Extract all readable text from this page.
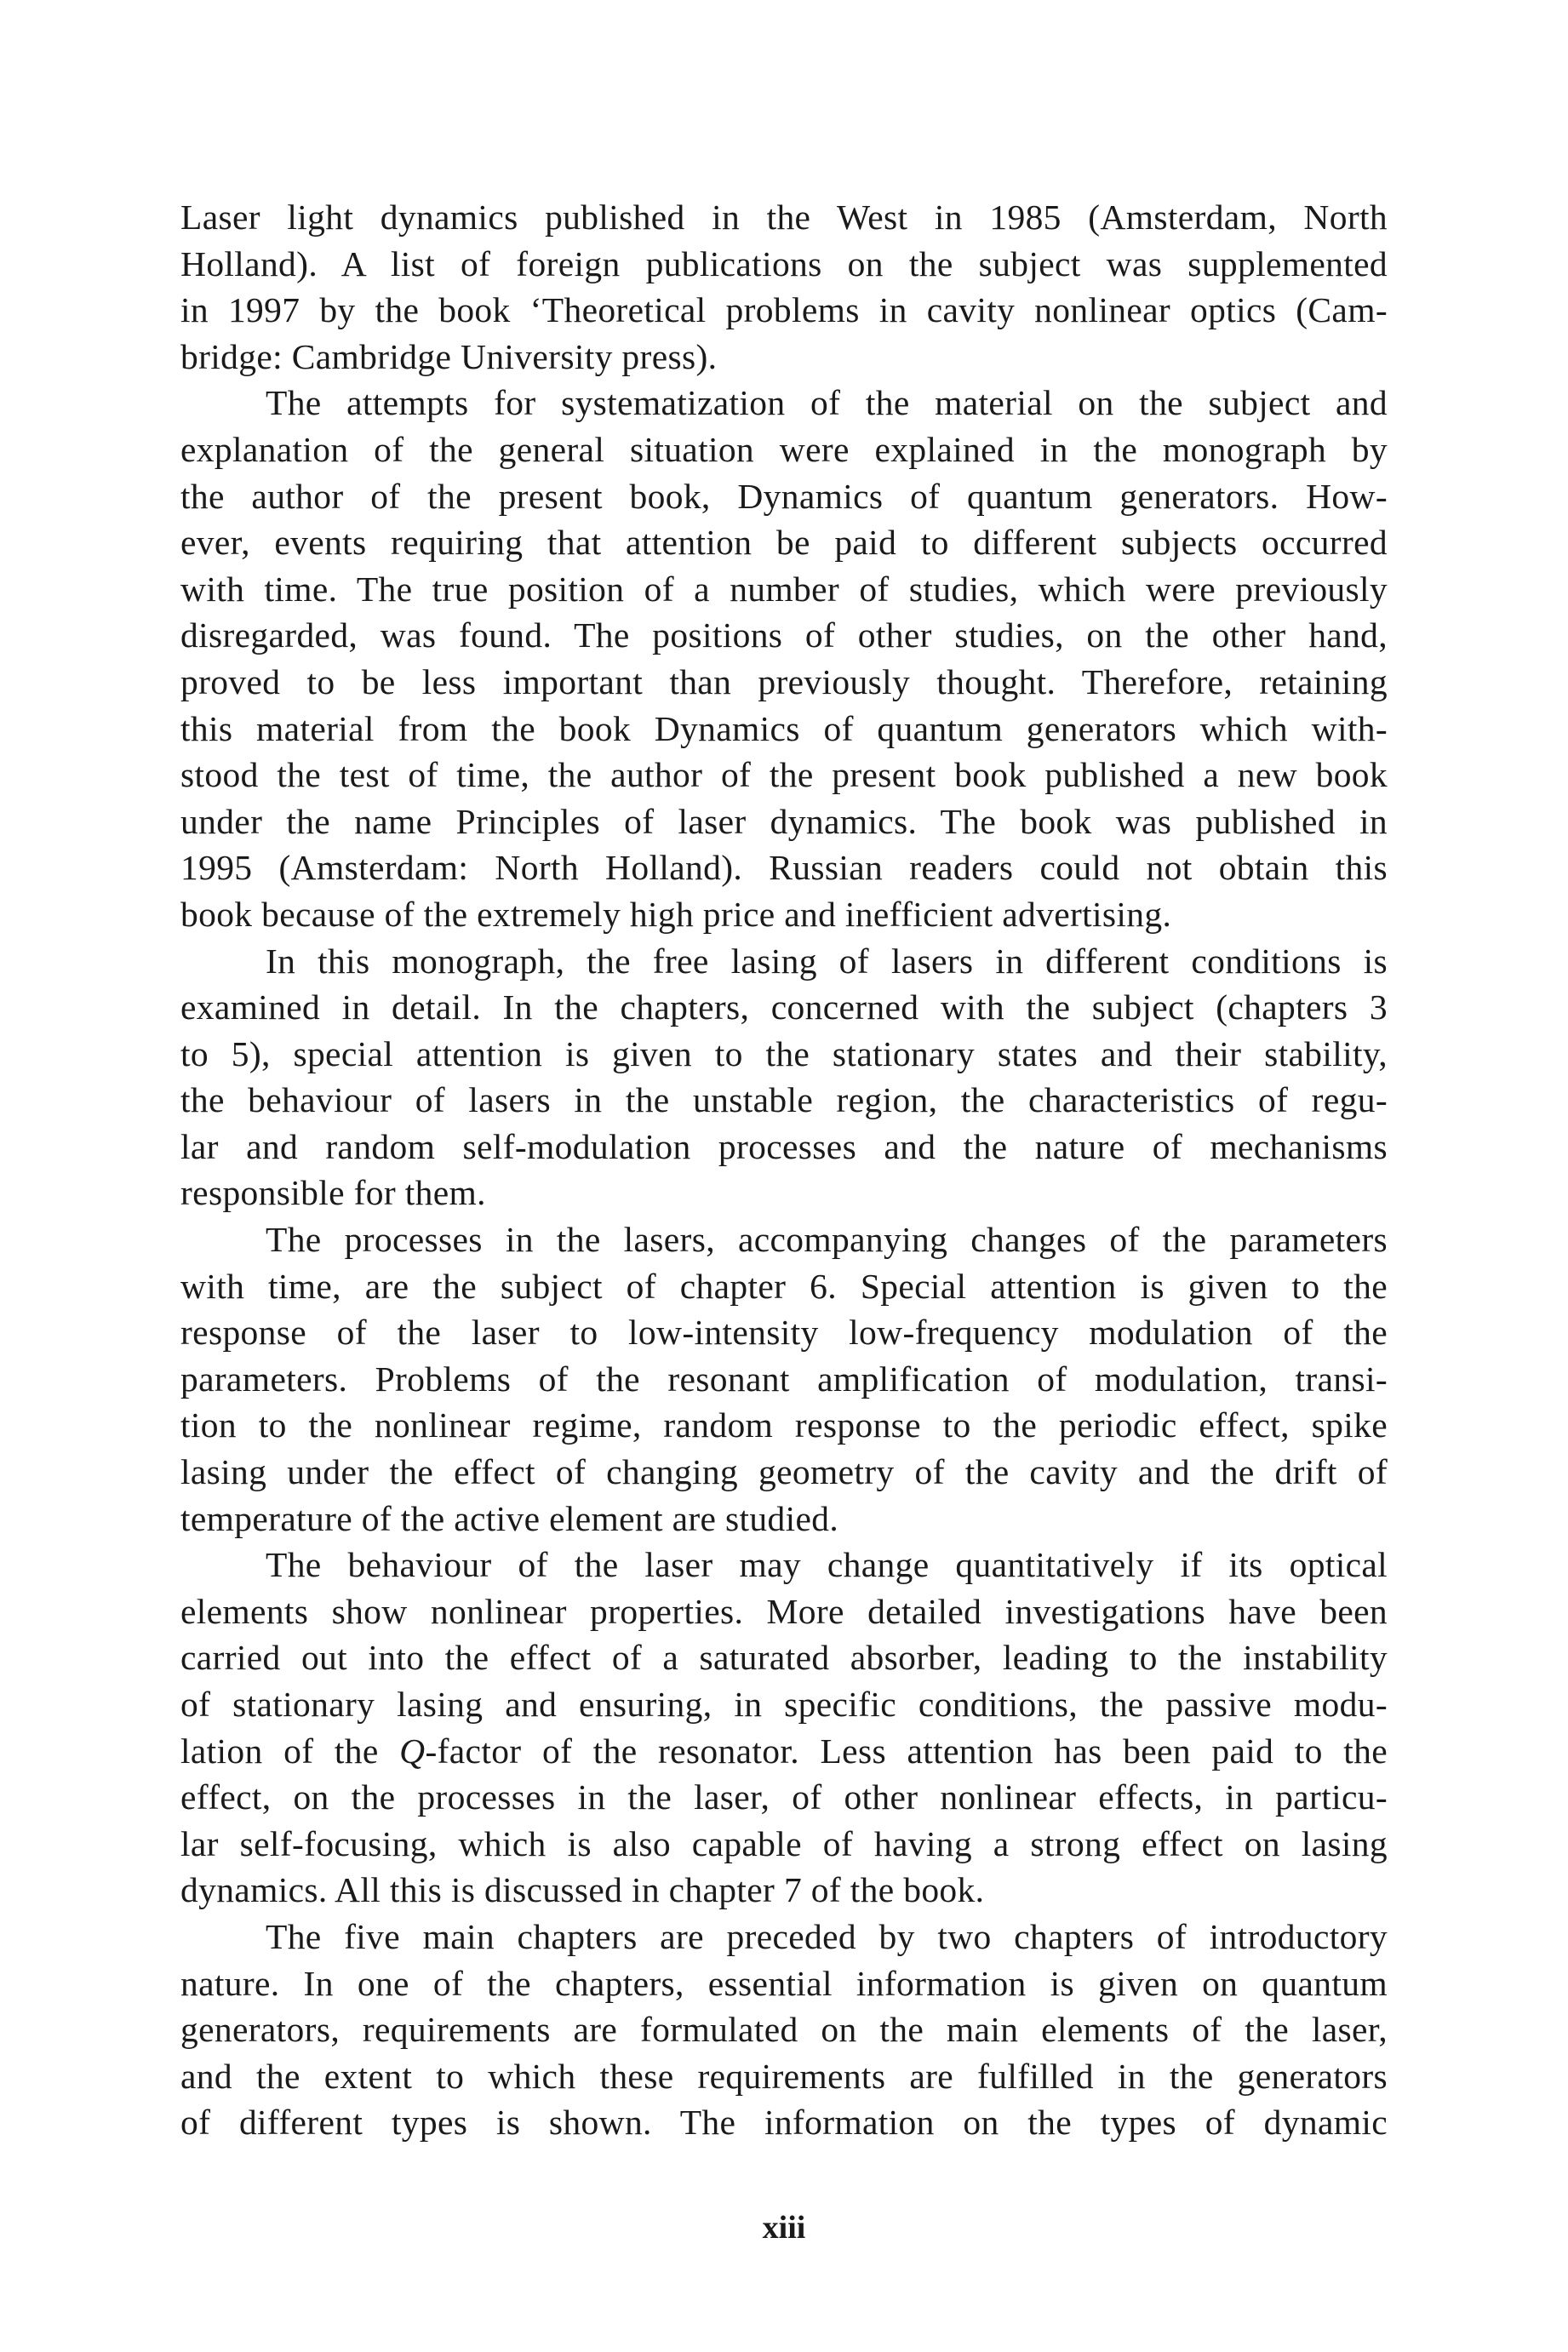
Laser light dynamics published in the West in 1985 (Amsterdam, North
Holland). A list of foreign publications on the subject was supplemented
in 1997 by the book ‘Theoretical problems in cavity nonlinear optics (Cam-
bridge: Cambridge University press).
The attempts for systematization of the material on the subject and
explanation of the general situation were explained in the monograph by
the author of the present book, Dynamics of quantum generators. How-
ever, events requiring that attention be paid to different subjects occurred
with time. The true position of a number of studies, which were previously
disregarded, was found. The positions of other studies, on the other hand,
proved to be less important than previously thought. Therefore, retaining
this material from the book Dynamics of quantum generators which with-
stood the test of time, the author of the present book published a new book
under the name Principles of laser dynamics. The book was published in
1995 (Amsterdam: North Holland). Russian readers could not obtain this
book because of the extremely high price and inefficient advertising.
In this monograph, the free lasing of lasers in different conditions is
examined in detail. In the chapters, concerned with the subject (chapters 3
to 5), special attention is given to the stationary states and their stability,
the behaviour of lasers in the unstable region, the characteristics of regu-
lar and random self-modulation processes and the nature of mechanisms
responsible for them.
The processes in the lasers, accompanying changes of the parameters
with time, are the subject of chapter 6. Special attention is given to the
response of the laser to low-intensity low-frequency modulation of the
parameters. Problems of the resonant amplification of modulation, transi-
tion to the nonlinear regime, random response to the periodic effect, spike
lasing under the effect of changing geometry of the cavity and the drift of
temperature of the active element are studied.
The behaviour of the laser may change quantitatively if its optical
elements show nonlinear properties. More detailed investigations have been
carried out into the effect of a saturated absorber, leading to the instability
of stationary lasing and ensuring, in specific conditions, the passive modu-
lation of the Q-factor of the resonator. Less attention has been paid to the
effect, on the processes in the laser, of other nonlinear effects, in particu-
lar self-focusing, which is also capable of having a strong effect on lasing
dynamics. All this is discussed in chapter 7 of the book.
The five main chapters are preceded by two chapters of introductory
nature. In one of the chapters, essential information is given on quantum
generators, requirements are formulated on the main elements of the laser,
and the extent to which these requirements are fulfilled in the generators
of different types is shown. The information on the types of dynamic
xiii
